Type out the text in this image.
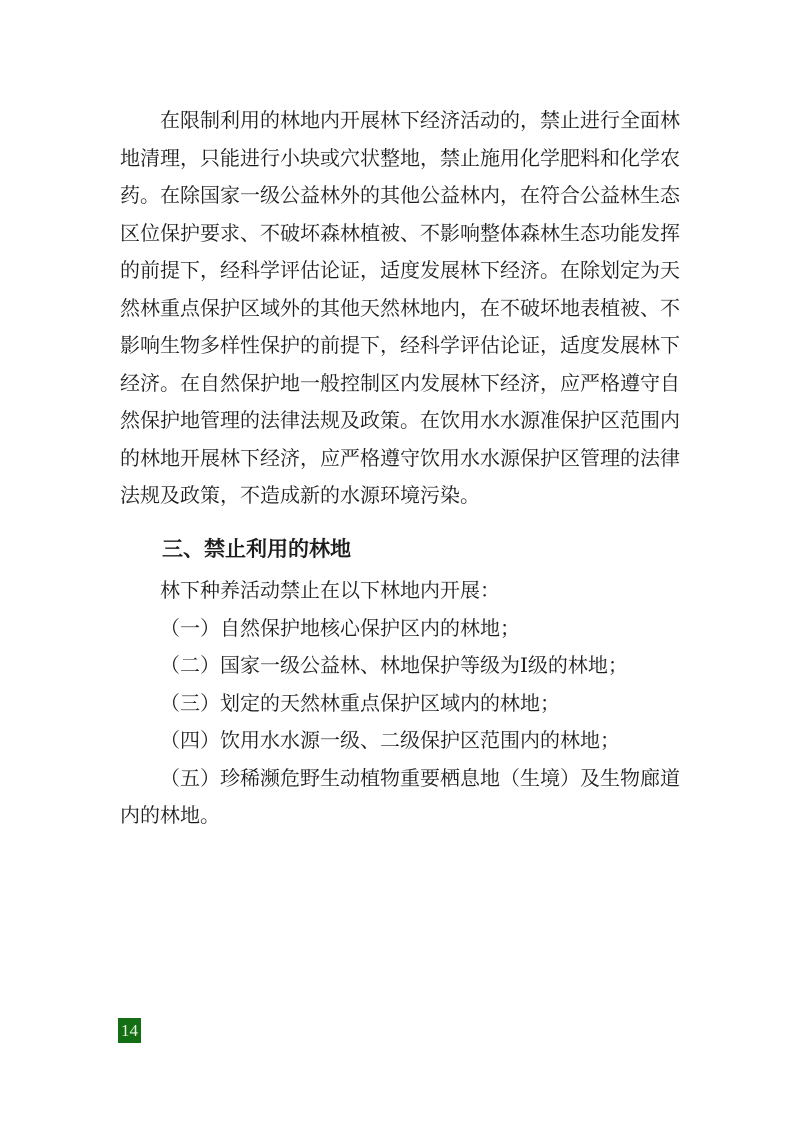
在限制利用的林地内开展林下经济活动的，禁止进行全面林地清理，只能进行小块或穴状整地，禁止施用化学肥料和化学农药。在除国家一级公益林外的其他公益林内，在符合公益林生态区位保护要求、不破坏森林植被、不影响整体森林生态功能发挥的前提下，经科学评估论证，适度发展林下经济。在除划定为天然林重点保护区域外的其他天然林地内，在不破坏地表植被、不影响生物多样性保护的前提下，经科学评估论证，适度发展林下经济。在自然保护地一般控制区内发展林下经济，应严格遵守自然保护地管理的法律法规及政策。在饮用水水源准保护区范围内的林地开展林下经济，应严格遵守饮用水水源保护区管理的法律法规及政策，不造成新的水源环境污染。

三、禁止利用的林地

林下种养活动禁止在以下林地内开展：

（一）自然保护地核心保护区内的林地；

（二）国家一级公益林、林地保护等级为Ⅰ级的林地；

（三）划定的天然林重点保护区域内的林地；

（四）饮用水水源一级、二级保护区范围内的林地；

（五）珍稀濒危野生动植物重要栖息地（生境）及生物廊道内的林地。

14
